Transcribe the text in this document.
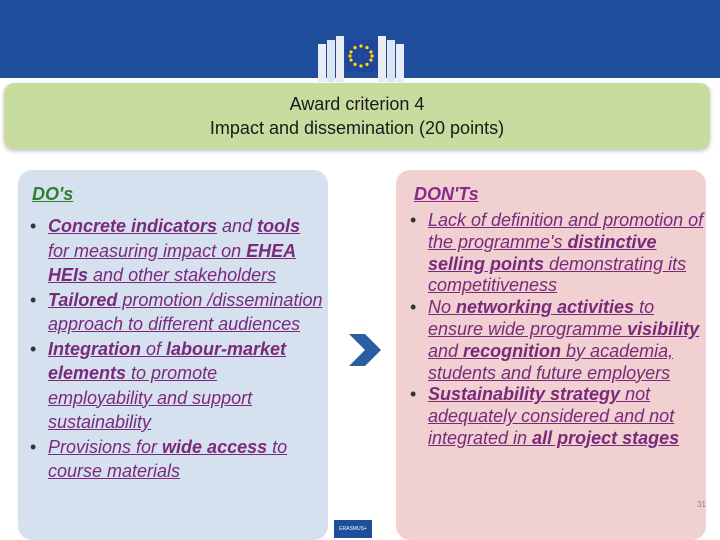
Award criterion 4
Impact and dissemination (20 points)
DO's
• Concrete indicators and tools for measuring impact on EHEA HEIs and other stakeholders
• Tailored promotion /dissemination approach to different audiences
• Integration of labour-market elements to promote employability and support sustainability
• Provisions for wide access to course materials
DON'Ts
• Lack of definition and promotion of the programme's distinctive selling points demonstrating its competitiveness
• No networking activities to ensure wide programme visibility and recognition by academia, students and future employers
• Sustainability strategy not adequately considered and not integrated in all project stages
ERASMUS+
31
